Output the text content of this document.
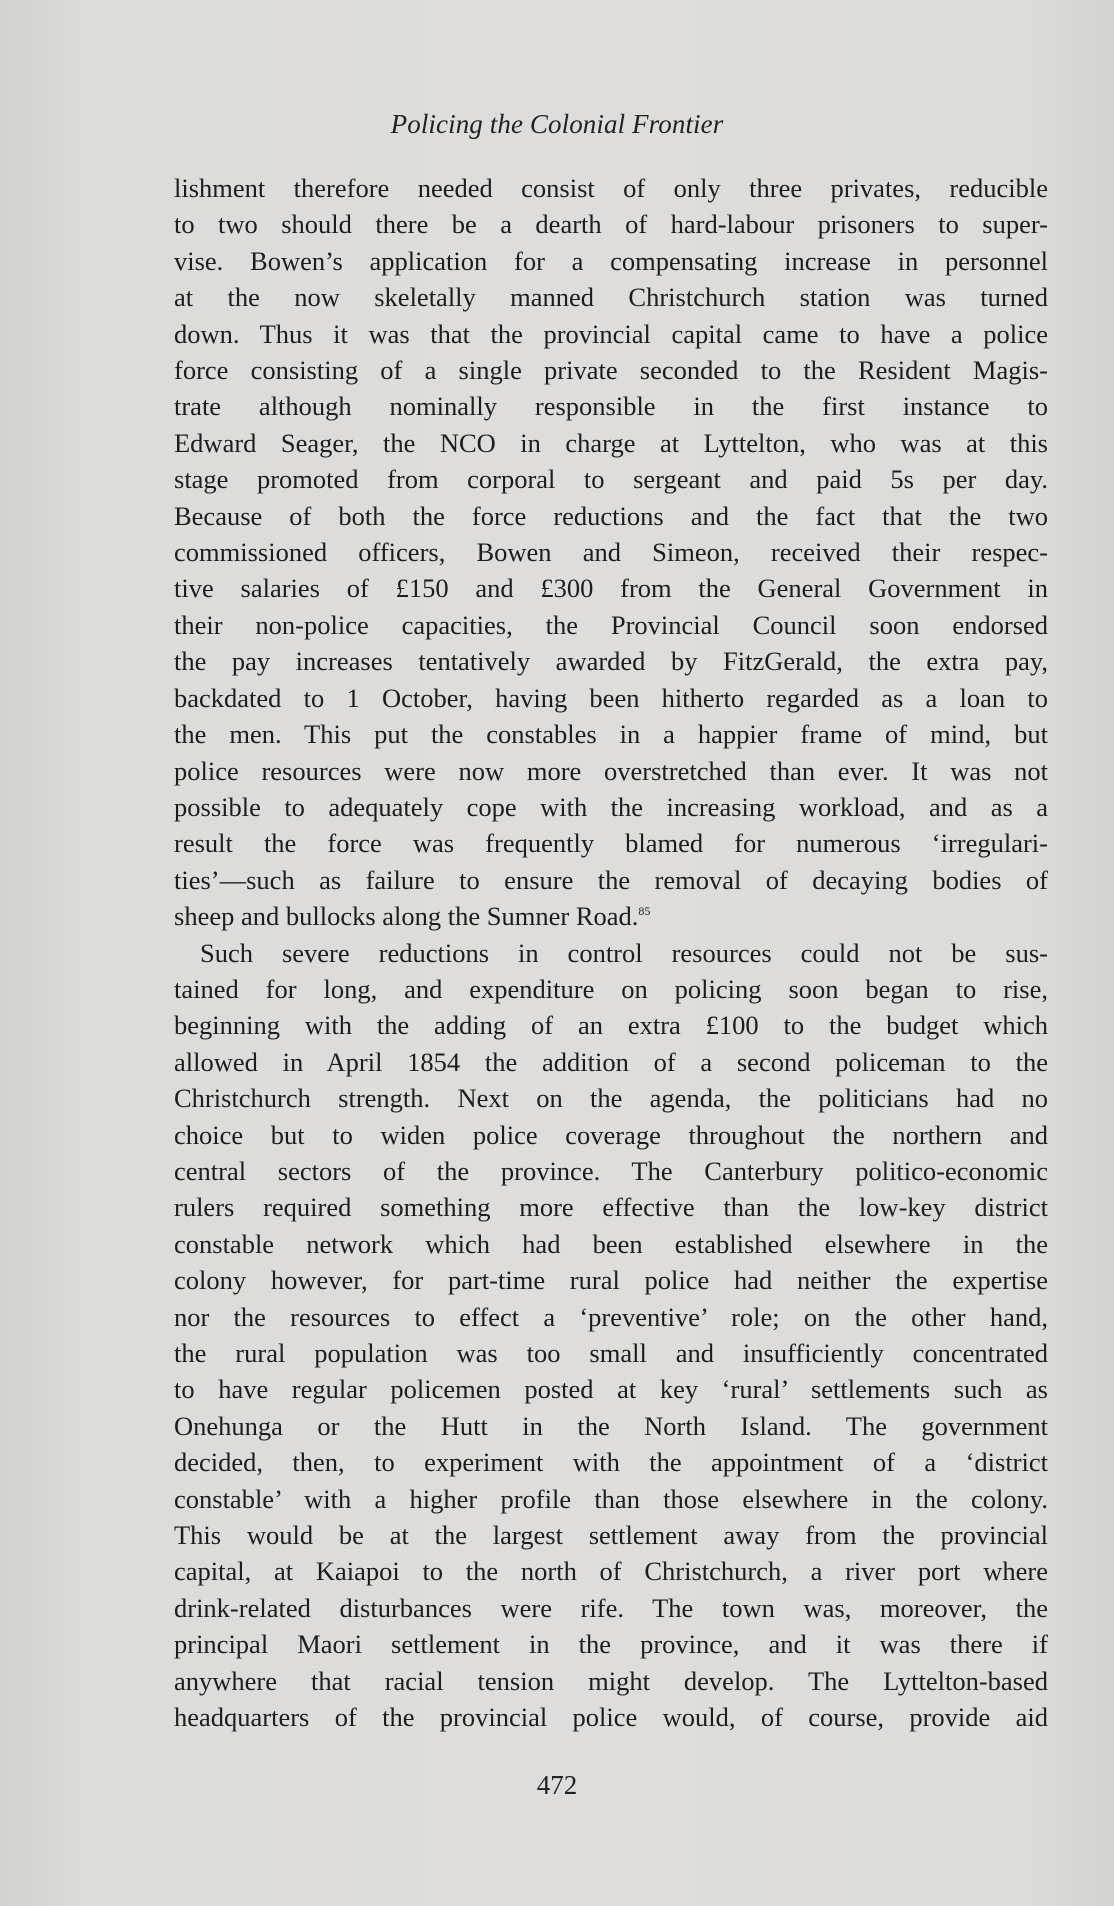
Policing the Colonial Frontier

lishment therefore needed consist of only three privates, reducible
to two should there be a dearth of hard-labour prisoners to super-
vise. Bowen’s application for a compensating increase in personnel
at the now skeletally manned Christchurch station was turned
down. Thus it was that the provincial capital came to have a police
force consisting of a single private seconded to the Resident Magis-
trate although nominally responsible in the first instance to
Edward Seager, the NCO in charge at Lyttelton, who was at this
stage promoted from corporal to sergeant and paid 5s per day.
Because of both the force reductions and the fact that the two
commissioned officers, Bowen and Simeon, received their respec-
tive salaries of £150 and £300 from the General Government in
their non-police capacities, the Provincial Council soon endorsed
the pay increases tentatively awarded by FitzGerald, the extra pay,
backdated to 1 October, having been hitherto regarded as a loan to
the men. This put the constables in a happier frame of mind, but
police resources were now more overstretched than ever. It was not
possible to adequately cope with the increasing workload, and as a
result the force was frequently blamed for numerous ‘irregulari-
ties’—such as failure to ensure the removal of decaying bodies of
sheep and bullocks along the Sumner Road.$^{85}$

Such severe reductions in control resources could not be sus-
tained for long, and expenditure on policing soon began to rise,
beginning with the adding of an extra £100 to the budget which
allowed in April 1854 the addition of a second policeman to the
Christchurch strength. Next on the agenda, the politicians had no
choice but to widen police coverage throughout the northern and
central sectors of the province. The Canterbury politico-economic
rulers required something more effective than the low-key district
constable network which had been established elsewhere in the
colony however, for part-time rural police had neither the expertise
nor the resources to effect a ‘preventive’ role; on the other hand,
the rural population was too small and insufficiently concentrated
to have regular policemen posted at key ‘rural’ settlements such as
Onehunga or the Hutt in the North Island. The government
decided, then, to experiment with the appointment of a ‘district
constable’ with a higher profile than those elsewhere in the colony.
This would be at the largest settlement away from the provincial
capital, at Kaiapoi to the north of Christchurch, a river port where
drink-related disturbances were rife. The town was, moreover, the
principal Maori settlement in the province, and it was there if
anywhere that racial tension might develop. The Lyttelton-based
headquarters of the provincial police would, of course, provide aid

472
